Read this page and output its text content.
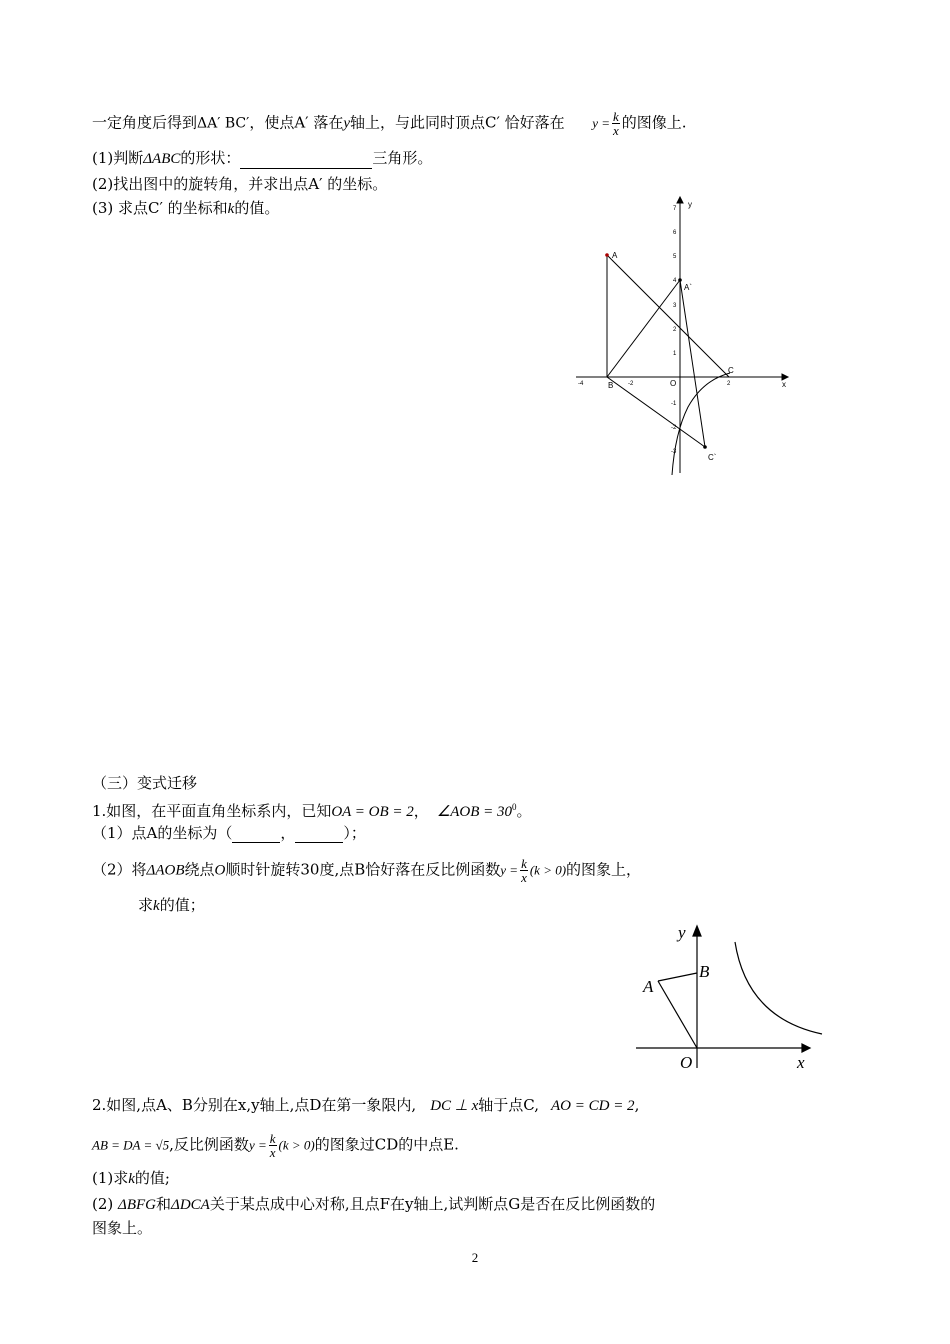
一定角度后得到ΔA′ BC′，使点A′ 落在y轴上，与此同时顶点C′ 恰好落在 $y = \frac{k}{x}$ 的图像上.
(1)判断ΔABC的形状：	三角形。
(2)找出图中的旋转角，并求出点A′ 的坐标。
(3) 求点C′ 的坐标和k的值。
A
A`
B
C
C`
x
y
-4	-2	O	2
7
6
5
4
3
2
1
-1
-2
-3
（三）变式迁移
1.如图，在平面直角坐标系内，已知OA = OB = 2， ∠AOB = $30^0$。
（1）点A的坐标为（	，	）；
（2）将ΔAOB绕点O顺时针旋转30度,点B恰好落在反比例函数$y = \frac{k}{x} (k > 0)$的图象上，
求k的值；
y
x
A
B
O
2.如图,点A、B分别在x,y轴上,点D在第一象限内, DC ⊥ x轴于点C, AO = CD = 2,
AB = DA = √5,反比例函数$y = \frac{k}{x} (k > 0)$的图象过CD的中点E.
(1)求k的值;
(2) ΔBFG和ΔDCA关于某点成中心对称,且点F在y轴上,试判断点G是否在反比例函数的
图象上。
2
